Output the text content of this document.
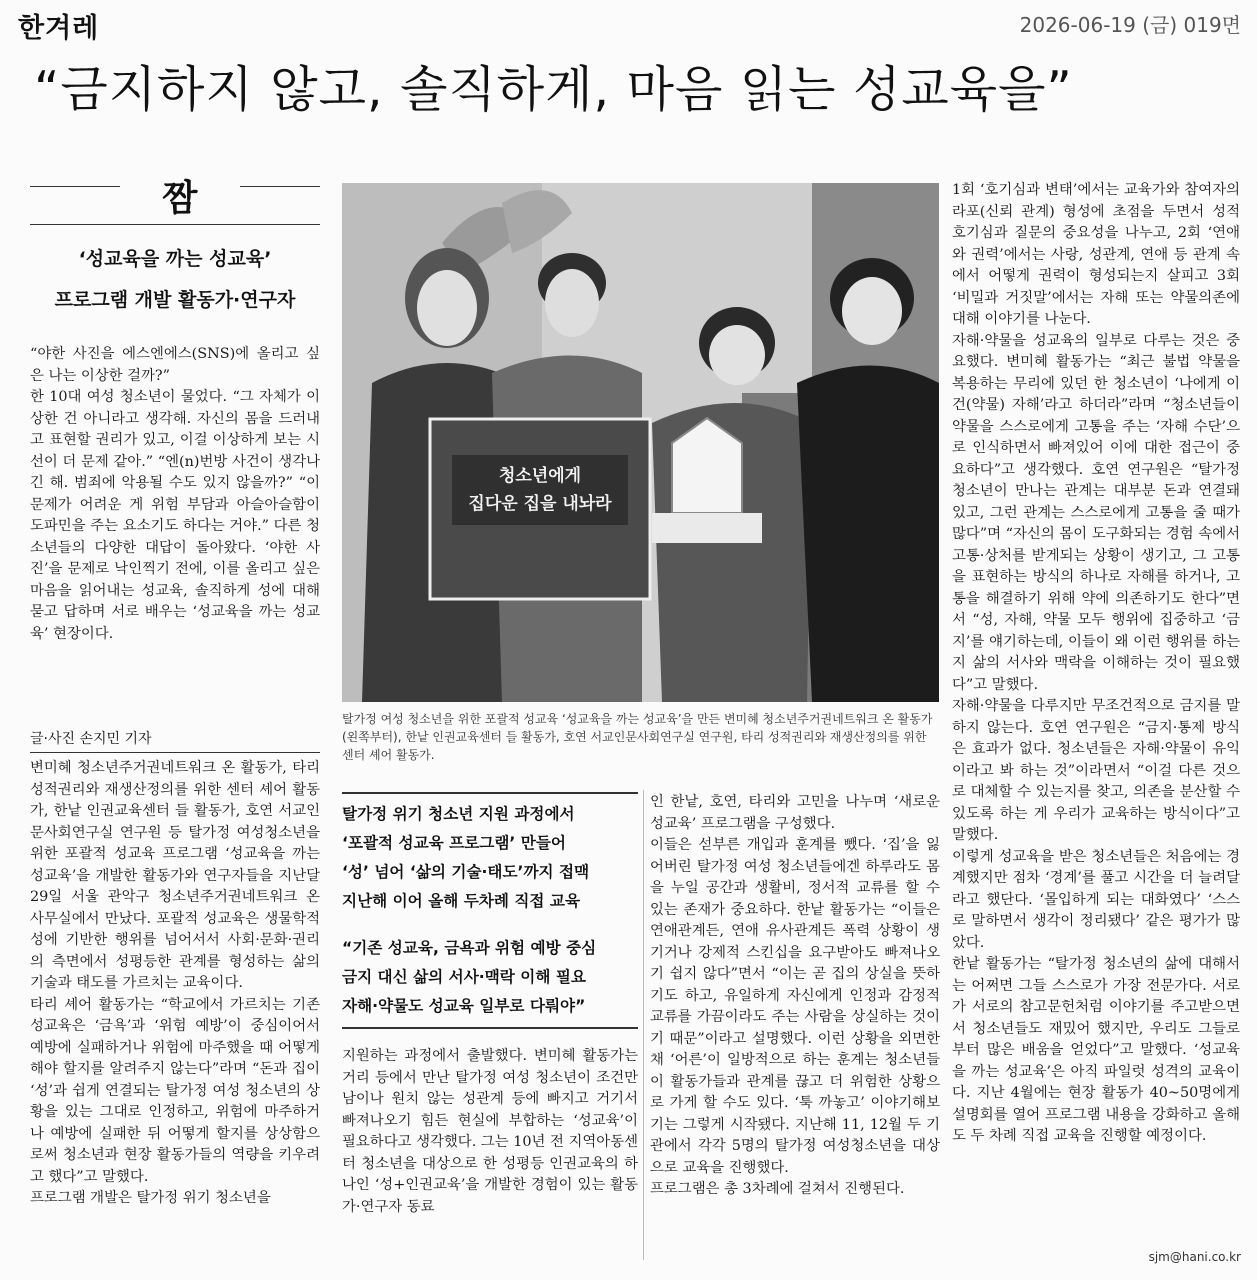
한겨레	2026-06-19 (금) 019면
“금지하지 않고, 솔직하게, 마음 읽는 성교육을”
짬
‘성교육을 까는 성교육’
프로그램 개발 활동가·연구자
“야한 사진을 에스엔에스(SNS)에 올리고 싶은 나는 이상한 걸까?”
한 10대 여성 청소년이 물었다. “그 자체가 이상한 건 아니라고 생각해. 자신의 몸을 드러내고 표현할 권리가 있고, 이걸 이상하게 보는 시선이 더 문제 같아.” “엔(n)번방 사건이 생각나긴 해. 범죄에 악용될 수도 있지 않을까?” “이 문제가 어려운 게 위험 부담과 아슬아슬함이 도파민을 주는 요소기도 하다는 거야.” 다른 청소년들의 다양한 대답이 돌아왔다. ‘야한 사진’을 문제로 낙인찍기 전에, 이를 올리고 싶은 마음을 읽어내는 성교육, 솔직하게 성에 대해 묻고 답하며 서로 배우는 ‘성교육을 까는 성교육’ 현장이다.
글·사진 손지민 기자
변미혜 청소년주거권네트워크 온 활동가, 타리 성적권리와 재생산정의를 위한 센터 셰어 활동가, 한낱 인권교육센터 들 활동가, 호연 서교인문사회연구실 연구원 등 탈가정 여성청소년을 위한 포괄적 성교육 프로그램 ‘성교육을 까는 성교육’을 개발한 활동가와 연구자들을 지난달 29일 서울 관악구 청소년주거권네트워크 온 사무실에서 만났다. 포괄적 성교육은 생물학적 성에 기반한 행위를 넘어서서 사회·문화·권리의 측면에서 성평등한 관계를 형성하는 삶의 기술과 태도를 가르치는 교육이다.
타리 셰어 활동가는 “학교에서 가르치는 기존 성교육은 ‘금욕’과 ‘위험 예방’이 중심이어서 예방에 실패하거나 위험에 마주했을 때 어떻게 해야 할지를 알려주지 않는다”라며 “돈과 집이 ‘성’과 쉽게 연결되는 탈가정 여성 청소년의 상황을 있는 그대로 인정하고, 위험에 마주하거나 예방에 실패한 뒤 어떻게 할지를 상상함으로써 청소년과 현장 활동가들의 역량을 키우려고 했다”고 말했다.
프로그램 개발은 탈가정 위기 청소년을
청소년에게
집다운 집을 내놔라
탈가정 여성 청소년을 위한 포괄적 성교육 ‘성교육을 까는 성교육’을 만든 변미혜 청소년주거권네트워크 온 활동가(왼쪽부터), 한낱 인권교육센터 들 활동가, 호연 서교인문사회연구실 연구원, 타리 성적권리와 재생산정의를 위한 센터 셰어 활동가.
탈가정 위기 청소년 지원 과정에서
‘포괄적 성교육 프로그램’ 만들어
‘성’ 넘어 ‘삶의 기술·태도’까지 접맥
지난해 이어 올해 두차례 직접 교육
“기존 성교육, 금욕과 위험 예방 중심
금지 대신 삶의 서사·맥락 이해 필요
자해·약물도 성교육 일부로 다뤄야”
지원하는 과정에서 출발했다. 변미혜 활동가는 거리 등에서 만난 탈가정 여성 청소년이 조건만남이나 원치 않는 성관계 등에 빠지고 거기서 빠져나오기 힘든 현실에 부합하는 ‘성교육’이 필요하다고 생각했다. 그는 10년 전 지역아동센터 청소년을 대상으로 한 성평등 인권교육의 하나인 ‘성+인권교육’을 개발한 경험이 있는 활동가·연구자 동료
인 한낱, 호연, 타리와 고민을 나누며 ‘새로운 성교육’ 프로그램을 구성했다.
이들은 섣부른 개입과 훈계를 뺐다. ‘집’을 잃어버린 탈가정 여성 청소년들에겐 하루라도 몸을 누일 공간과 생활비, 정서적 교류를 할 수 있는 존재가 중요하다. 한낱 활동가는 “이들은 연애관계든, 연애 유사관계든 폭력 상황이 생기거나 강제적 스킨십을 요구받아도 빠져나오기 쉽지 않다”면서 “이는 곧 집의 상실을 뜻하기도 하고, 유일하게 자신에게 인정과 감정적 교류를 가끔이라도 주는 사람을 상실하는 것이기 때문”이라고 설명했다. 이런 상황을 외면한 채 ‘어른’이 일방적으로 하는 훈계는 청소년들이 활동가들과 관계를 끊고 더 위험한 상황으로 가게 할 수도 있다. ‘툭 까놓고’ 이야기해보기는 그렇게 시작됐다. 지난해 11, 12월 두 기관에서 각각 5명의 탈가정 여성청소년을 대상으로 교육을 진행했다.
프로그램은 총 3차례에 걸쳐서 진행된다.
1회 ‘호기심과 변태’에서는 교육가와 참여자의 라포(신뢰 관계) 형성에 초점을 두면서 성적 호기심과 질문의 중요성을 나누고, 2회 ‘연애와 권력’에서는 사랑, 성관계, 연애 등 관계 속에서 어떻게 권력이 형성되는지 살피고 3회 ‘비밀과 거짓말’에서는 자해 또는 약물의존에 대해 이야기를 나눈다.
자해·약물을 성교육의 일부로 다루는 것은 중요했다. 변미혜 활동가는 “최근 불법 약물을 복용하는 무리에 있던 한 청소년이 ‘나에게 이건(약물) 자해’라고 하더라”라며 “청소년들이 약물을 스스로에게 고통을 주는 ‘자해 수단’으로 인식하면서 빠져있어 이에 대한 접근이 중요하다”고 생각했다. 호연 연구원은 “탈가정 청소년이 만나는 관계는 대부분 돈과 연결돼 있고, 그런 관계는 스스로에게 고통을 줄 때가 많다”며 “자신의 몸이 도구화되는 경험 속에서 고통·상처를 받게되는 상황이 생기고, 그 고통을 표현하는 방식의 하나로 자해를 하거나, 고통을 해결하기 위해 약에 의존하기도 한다”면서 “성, 자해, 약물 모두 행위에 집중하고 ‘금지’를 얘기하는데, 이들이 왜 이런 행위를 하는지 삶의 서사와 맥락을 이해하는 것이 필요했다”고 말했다.
자해·약물을 다루지만 무조건적으로 금지를 말하지 않는다. 호연 연구원은 “금지·통제 방식은 효과가 없다. 청소년들은 자해·약물이 유익이라고 봐 하는 것”이라면서 “이걸 다른 것으로 대체할 수 있는지를 찾고, 의존을 분산할 수 있도록 하는 게 우리가 교육하는 방식이다”고 말했다.
이렇게 성교육을 받은 청소년들은 처음에는 경계했지만 점차 ‘경계’를 풀고 시간을 더 늘려달라고 했단다. ‘몰입하게 되는 대화였다’ ‘스스로 말하면서 생각이 정리됐다’ 같은 평가가 많았다.
한낱 활동가는 “탈가정 청소년의 삶에 대해서는 어쩌면 그들 스스로가 가장 전문가다. 서로가 서로의 참고문헌처럼 이야기를 주고받으면서 청소년들도 재밌어 했지만, 우리도 그들로부터 많은 배움을 얻었다”고 말했다. ‘성교육을 까는 성교육’은 아직 파일럿 성격의 교육이다. 지난 4월에는 현장 활동가 40~50명에게 설명회를 열어 프로그램 내용을 강화하고 올해도 두 차례 직접 교육을 진행할 예정이다.
sjm@hani.co.kr
